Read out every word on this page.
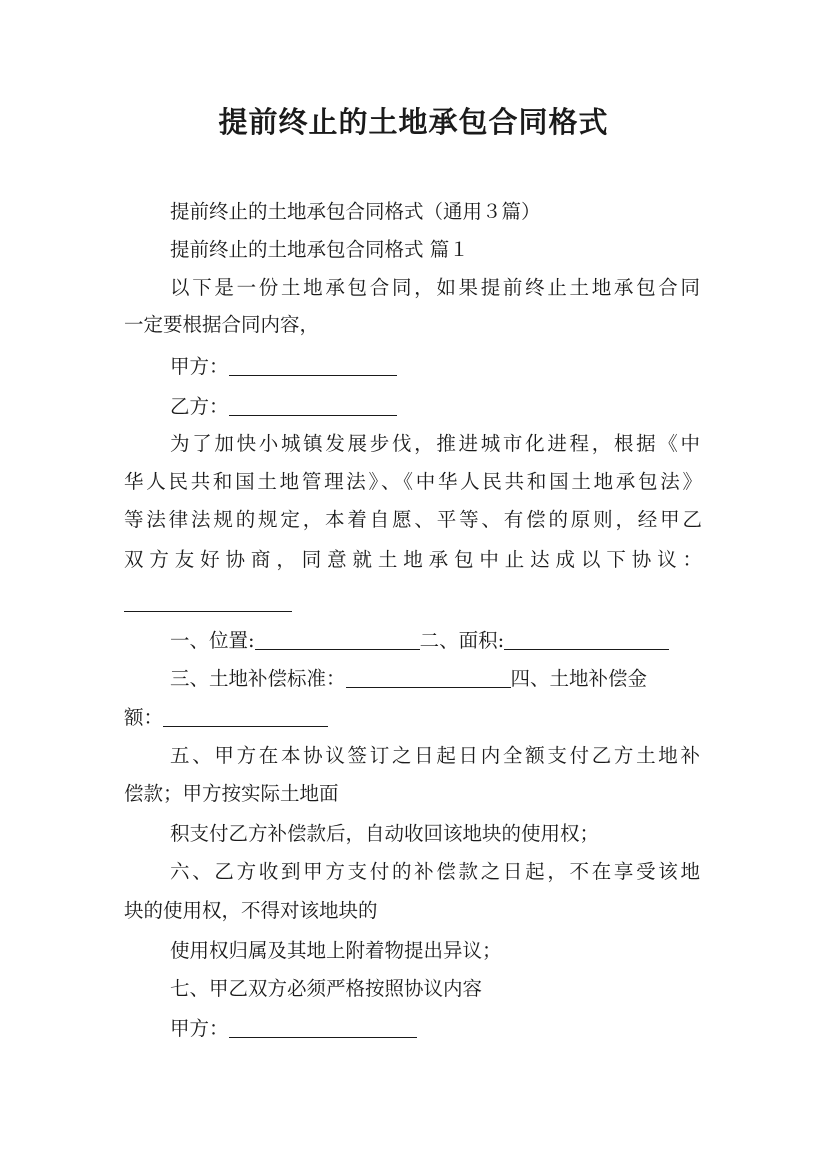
提前终止的土地承包合同格式
提前终止的土地承包合同格式（通用３篇）
提前终止的土地承包合同格式 篇１
以下是一份土地承包合同，如果提前终止土地承包合同
一定要根据合同内容，
甲方：
乙方：
为了加快小城镇发展步伐，推进城市化进程，根据《中
华人民共和国土地管理法》、《中华人民共和国土地承包法》
等法律法规的规定，本着自愿、平等、有偿的原则，经甲乙
双方友好协商，同意就土地承包中止达成以下协议：
一、位置:	二、面积:
三、土地补偿标准：	四、土地补偿金
额：
五、甲方在本协议签订之日起日内全额支付乙方土地补
偿款；甲方按实际土地面
积支付乙方补偿款后，自动收回该地块的使用权；
六、乙方收到甲方支付的补偿款之日起，不在享受该地
块的使用权，不得对该地块的
使用权归属及其地上附着物提出异议；
七、甲乙双方必须严格按照协议内容
甲方：
